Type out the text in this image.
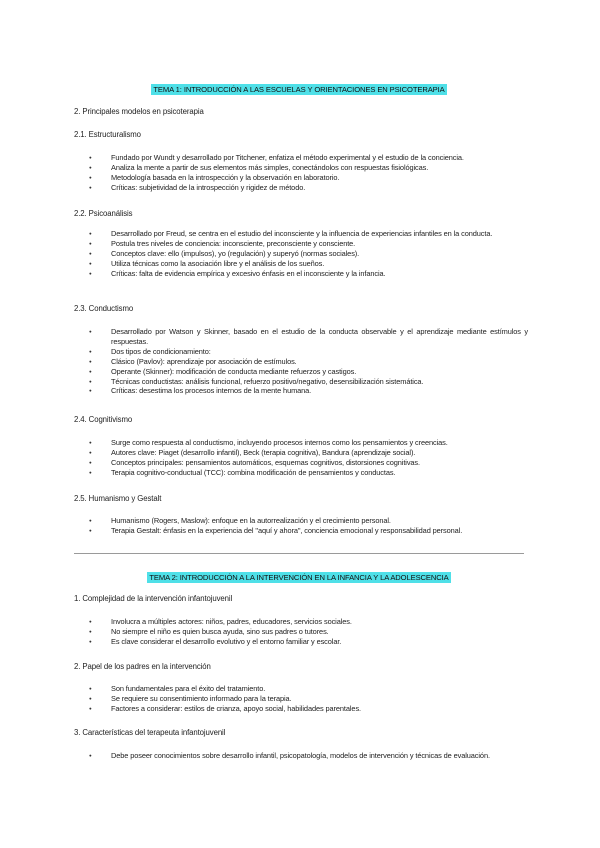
TEMA 1: INTRODUCCIÓN A LAS ESCUELAS Y ORIENTACIONES EN PSICOTERAPIA
2. Principales modelos en psicoterapia
2.1. Estructuralismo
● Fundado por Wundt y desarrollado por Titchener, enfatiza el método experimental y el estudio de la conciencia.
● Analiza la mente a partir de sus elementos más simples, conectándolos con respuestas fisiológicas.
● Metodología basada en la introspección y la observación en laboratorio.
● Críticas: subjetividad de la introspección y rigidez de método.
2.2. Psicoanálisis
● Desarrollado por Freud, se centra en el estudio del inconsciente y la influencia de experiencias infantiles en la conducta.
● Postula tres niveles de conciencia: inconsciente, preconsciente y consciente.
● Conceptos clave: ello (impulsos), yo (regulación) y superyó (normas sociales).
● Utiliza técnicas como la asociación libre y el análisis de los sueños.
● Críticas: falta de evidencia empírica y excesivo énfasis en el inconsciente y la infancia.
2.3. Conductismo
● Desarrollado por Watson y Skinner, basado en el estudio de la conducta observable y el aprendizaje mediante estímulos y respuestas.
● Dos tipos de condicionamiento:
● Clásico (Pavlov): aprendizaje por asociación de estímulos.
● Operante (Skinner): modificación de conducta mediante refuerzos y castigos.
● Técnicas conductistas: análisis funcional, refuerzo positivo/negativo, desensibilización sistemática.
● Críticas: desestima los procesos internos de la mente humana.
2.4. Cognitivismo
● Surge como respuesta al conductismo, incluyendo procesos internos como los pensamientos y creencias.
● Autores clave: Piaget (desarrollo infantil), Beck (terapia cognitiva), Bandura (aprendizaje social).
● Conceptos principales: pensamientos automáticos, esquemas cognitivos, distorsiones cognitivas.
● Terapia cognitivo-conductual (TCC): combina modificación de pensamientos y conductas.
2.5. Humanismo y Gestalt
● Humanismo (Rogers, Maslow): enfoque en la autorrealización y el crecimiento personal.
● Terapia Gestalt: énfasis en la experiencia del "aquí y ahora", conciencia emocional y responsabilidad personal.
TEMA 2: INTRODUCCIÓN A LA INTERVENCIÓN EN LA INFANCIA Y LA ADOLESCENCIA
1. Complejidad de la intervención infantojuvenil
● Involucra a múltiples actores: niños, padres, educadores, servicios sociales.
● No siempre el niño es quien busca ayuda, sino sus padres o tutores.
● Es clave considerar el desarrollo evolutivo y el entorno familiar y escolar.
2. Papel de los padres en la intervención
● Son fundamentales para el éxito del tratamiento.
● Se requiere su consentimiento informado para la terapia.
● Factores a considerar: estilos de crianza, apoyo social, habilidades parentales.
3. Características del terapeuta infantojuvenil
● Debe poseer conocimientos sobre desarrollo infantil, psicopatología, modelos de intervención y técnicas de evaluación.
